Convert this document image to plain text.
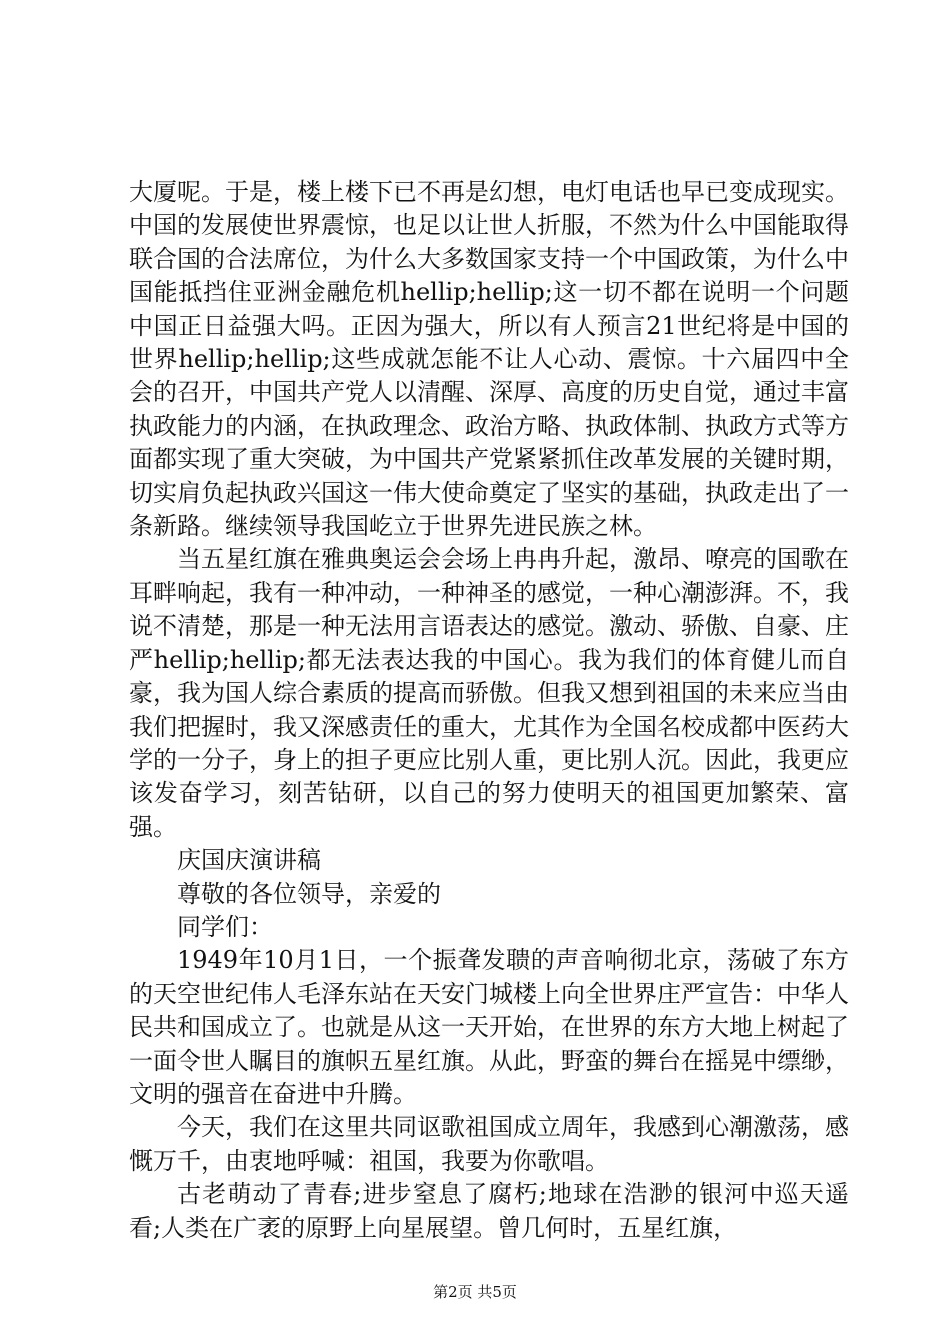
大厦呢。于是，楼上楼下已不再是幻想，电灯电话也早已变成现实。中国的发展使世界震惊，也足以让世人折服，不然为什么中国能取得联合国的合法席位，为什么大多数国家支持一个中国政策，为什么中国能抵挡住亚洲金融危机hellip;hellip;这一切不都在说明一个问题中国正日益强大吗。正因为强大，所以有人预言21世纪将是中国的世界hellip;hellip;这些成就怎能不让人心动、震惊。十六届四中全会的召开，中国共产党人以清醒、深厚、高度的历史自觉，通过丰富执政能力的内涵，在执政理念、政治方略、执政体制、执政方式等方面都实现了重大突破，为中国共产党紧紧抓住改革发展的关键时期，切实肩负起执政兴国这一伟大使命奠定了坚实的基础，执政走出了一条新路。继续领导我国屹立于世界先进民族之林。

当五星红旗在雅典奥运会会场上冉冉升起，激昂、嘹亮的国歌在耳畔响起，我有一种冲动，一种神圣的感觉，一种心潮澎湃。不，我说不清楚，那是一种无法用言语表达的感觉。激动、骄傲、自豪、庄严hellip;hellip;都无法表达我的中国心。我为我们的体育健儿而自豪，我为国人综合素质的提高而骄傲。但我又想到祖国的未来应当由我们把握时，我又深感责任的重大，尤其作为全国名校成都中医药大学的一分子，身上的担子更应比别人重，更比别人沉。因此，我更应该发奋学习，刻苦钻研，以自己的努力使明天的祖国更加繁荣、富强。

庆国庆演讲稿

尊敬的各位领导，亲爱的

同学们：

1949年10月1日，一个振聋发聩的声音响彻北京，荡破了东方的天空世纪伟人毛泽东站在天安门城楼上向全世界庄严宣告：中华人民共和国成立了。也就是从这一天开始，在世界的东方大地上树起了一面令世人瞩目的旗帜五星红旗。从此，野蛮的舞台在摇晃中缥缈，文明的强音在奋进中升腾。

今天，我们在这里共同讴歌祖国成立周年，我感到心潮激荡，感慨万千，由衷地呼喊：祖国，我要为你歌唱。

古老萌动了青春;进步窒息了腐朽;地球在浩渺的银河中巡天遥看;人类在广袤的原野上向星展望。曾几何时，五星红旗，

第2页 共5页
